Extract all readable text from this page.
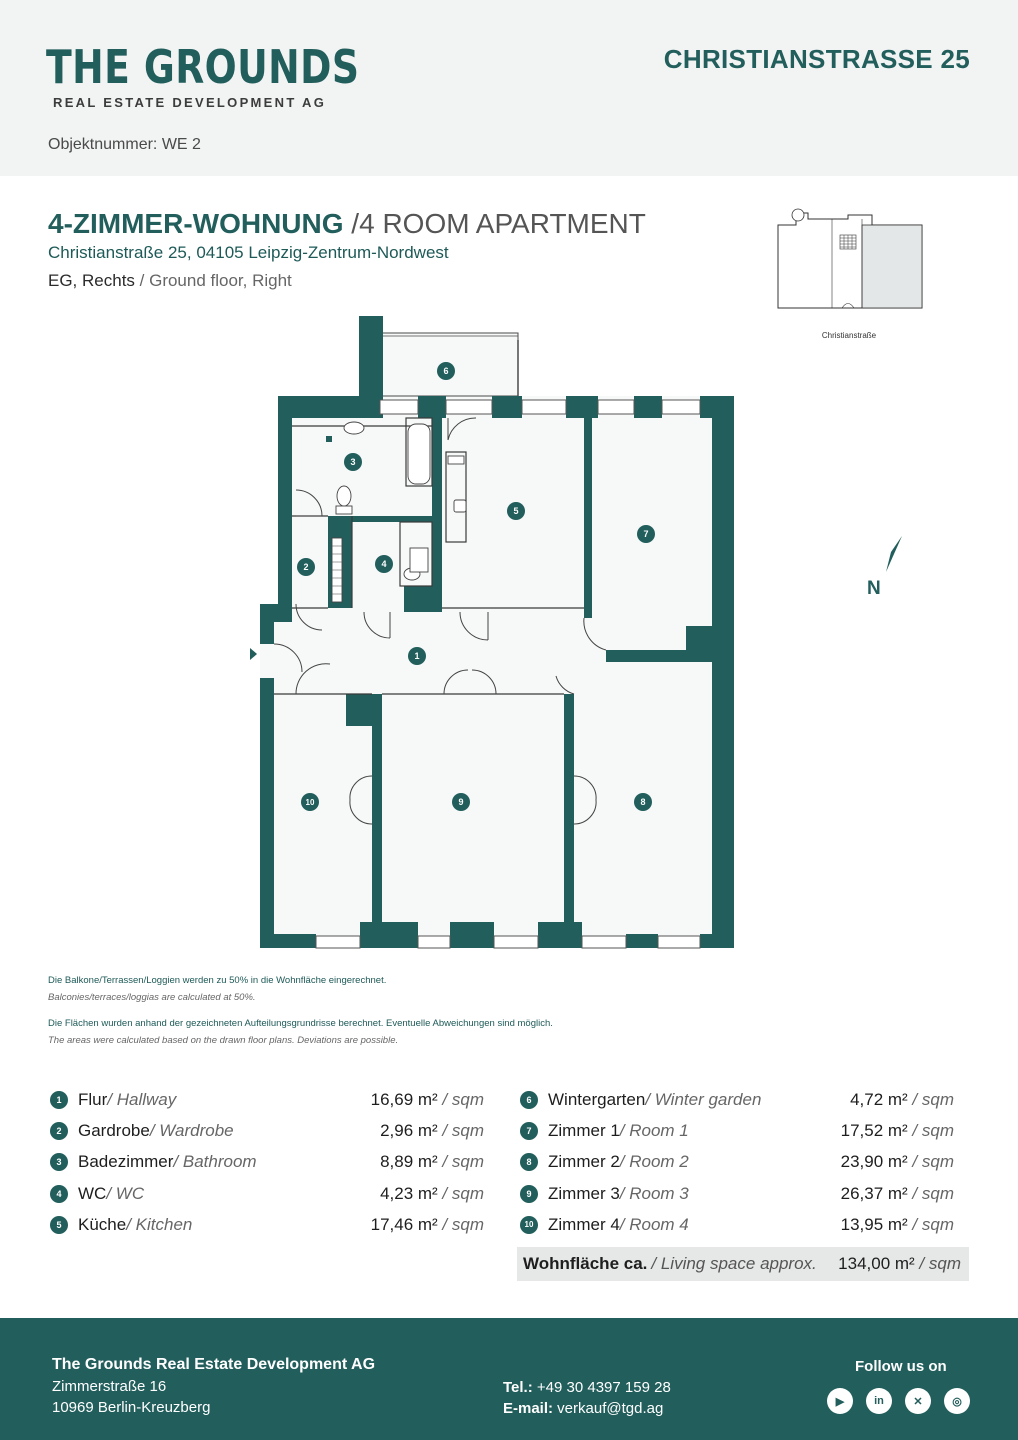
THE GROUNDS
REAL ESTATE DEVELOPMENT AG
CHRISTIANSTRASSE 25
Objektnummer: WE 2
4-ZIMMER-WOHNUNG /4 ROOM APARTMENT
Christianstraße 25, 04105 Leipzig-Zentrum-Nordwest
EG, Rechts / Ground floor, Right
Christianstraße
6
3
5
7
2	4
1
10	9	8
N
Die Balkone/Terrassen/Loggien werden zu 50% in die Wohnfläche eingerechnet.
Balconies/terraces/loggias are calculated at 50%.
Die Flächen wurden anhand der gezeichneten Aufteilungsgrundrisse berechnet. Eventuelle Abweichungen sind möglich.
The areas were calculated based on the drawn floor plans. Deviations are possible.
1 Flur / Hallway	16,69 m² / sqm
2 Gardrobe / Wardrobe	2,96 m² / sqm
3 Badezimmer / Bathroom	8,89 m² / sqm
4 WC / WC	4,23 m² / sqm
5 Küche / Kitchen	17,46 m² / sqm
6 Wintergarten / Winter garden	4,72 m² / sqm
7 Zimmer 1 / Room 1	17,52 m² / sqm
8 Zimmer 2 / Room 2	23,90 m² / sqm
9 Zimmer 3 / Room 3	26,37 m² / sqm
10 Zimmer 4 / Room 4	13,95 m² / sqm
Wohnfläche ca. / Living space approx. 134,00 m² / sqm
The Grounds Real Estate Development AG
Zimmerstraße 16
10969 Berlin-Kreuzberg
Tel.: +49 30 4397 159 28
E-mail: verkauf@tgd.ag
Follow us on
▶	in	✕	◎
